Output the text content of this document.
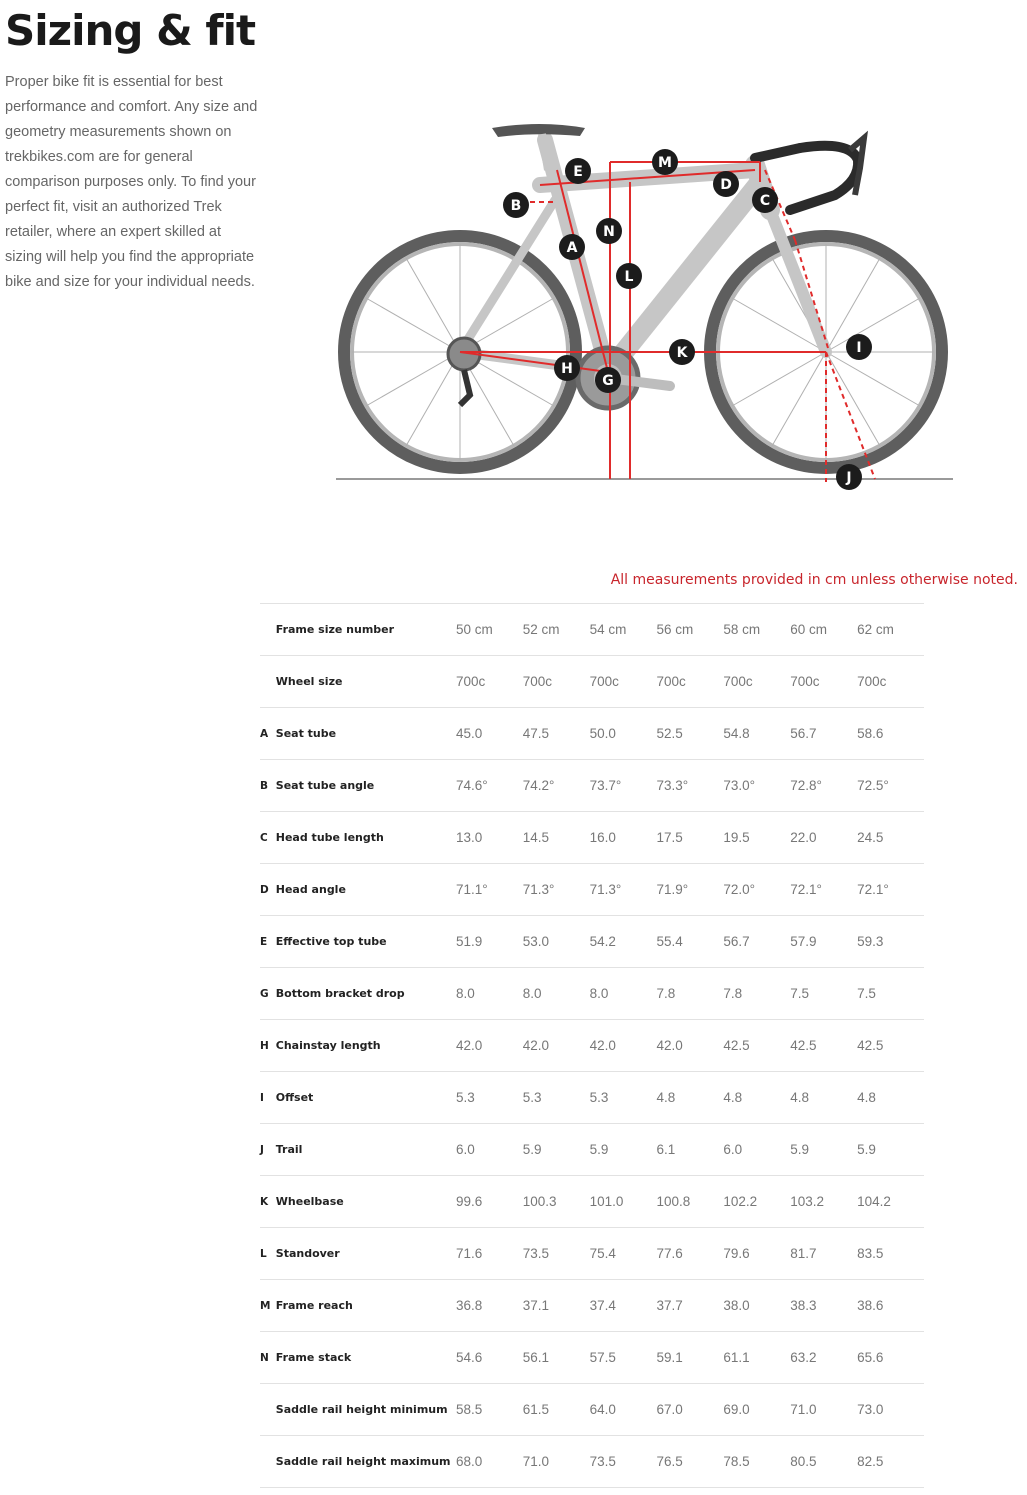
Sizing & fit

Proper bike fit is essential for best performance and comfort. Any size and geometry measurements shown on trekbikes.com are for general comparison purposes only. To find your perfect fit, visit an authorized Trek retailer, where an expert skilled at sizing will help you find the appropriate bike and size for your individual needs.

A
B	C
D
E
G
H
I
J
K
L
M
N

All measurements provided in cm unless otherwise noted.

	Frame size number	50 cm	52 cm	54 cm	56 cm	58 cm	60 cm	62 cm
	Wheel size	700c	700c	700c	700c	700c	700c	700c
A	Seat tube	45.0	47.5	50.0	52.5	54.8	56.7	58.6
B	Seat tube angle	74.6°	74.2°	73.7°	73.3°	73.0°	72.8°	72.5°
C	Head tube length	13.0	14.5	16.0	17.5	19.5	22.0	24.5
D	Head angle	71.1°	71.3°	71.3°	71.9°	72.0°	72.1°	72.1°
E	Effective top tube	51.9	53.0	54.2	55.4	56.7	57.9	59.3
G	Bottom bracket drop	8.0	8.0	8.0	7.8	7.8	7.5	7.5
H	Chainstay length	42.0	42.0	42.0	42.0	42.5	42.5	42.5
I	Offset	5.3	5.3	5.3	4.8	4.8	4.8	4.8
J	Trail	6.0	5.9	5.9	6.1	6.0	5.9	5.9
K	Wheelbase	99.6	100.3	101.0	100.8	102.2	103.2	104.2
L	Standover	71.6	73.5	75.4	77.6	79.6	81.7	83.5
M	Frame reach	36.8	37.1	37.4	37.7	38.0	38.3	38.6
N	Frame stack	54.6	56.1	57.5	59.1	61.1	63.2	65.6
	Saddle rail height minimum	58.5	61.5	64.0	67.0	69.0	71.0	73.0
	Saddle rail height maximum	68.0	71.0	73.5	76.5	78.5	80.5	82.5
